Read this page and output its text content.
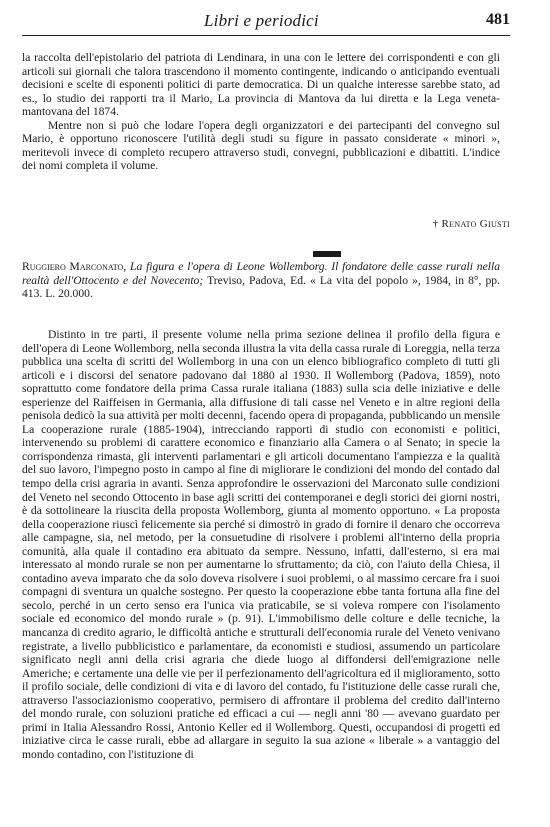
Libri e periodici	481

la raccolta dell'epistolario del patriota di Lendinara, in una con le lettere dei corrispondenti e con gli articoli sui giornali che talora trascendono il momento contingente, indicando o anticipando eventuali decisioni e scelte di esponenti politici di parte democratica. Di un qualche interesse sarebbe stato, ad es., lo studio dei rapporti tra il Mario, La provincia di Mantova da lui diretta e la Lega veneta-mantovana del 1874.

Mentre non si può che lodare l'opera degli organizzatori e dei partecipanti del convegno sul Mario, è opportuno riconoscere l'utilità degli studi su figure in passato considerate « minori », meritevoli invece di completo recupero attraverso studi, convegni, pubblicazioni e dibattiti. L'indice dei nomi completa il volume.

† Renato Giusti
Ruggiero Marconato, La figura e l'opera di Leone Wollemborg. Il fondatore delle casse rurali nella realtà dell'Ottocento e del Novecento; Treviso, Padova, Ed. « La vita del popolo », 1984, in 8°, pp. 413. L. 20.000.

Distinto in tre parti, il presente volume nella prima sezione delinea il profilo della figura e dell'opera di Leone Wollemborg, nella seconda illustra la vita della cassa rurale di Loreggia, nella terza pubblica una scelta di scritti del Wollemborg in una con un elenco bibliografico completo di tutti gli articoli e i discorsi del senatore padovano dal 1880 al 1930. Il Wollemborg (Padova, 1859), noto soprattutto come fondatore della prima Cassa rurale italiana (1883) sulla scia delle iniziative e delle esperienze del Raiffeisen in Germania, alla diffusione di tali casse nel Veneto e in altre regioni della penisola dedicò la sua attività per molti decenni, facendo opera di propaganda, pubblicando un mensile La cooperazione rurale (1885-1904), intrecciando rapporti di studio con economisti e politici, intervenendo su problemi di carattere economico e finanziario alla Camera o al Senato; in specie la corrispondenza rimasta, gli interventi parlamentari e gli articoli documentano l'ampiezza e la qualità del suo lavoro, l'impegno posto in campo al fine di migliorare le condizioni del mondo del contado dal tempo della crisi agraria in avanti. Senza approfondire le osservazioni del Marconato sulle condizioni del Veneto nel secondo Ottocento in base agli scritti dei contemporanei e degli storici dei giorni nostri, è da sottolineare la riuscita della proposta Wollemborg, giunta al momento opportuno. « La proposta della cooperazione riuscì felicemente sia perché si dimostrò in grado di fornire il denaro che occorreva alle campagne, sia, nel metodo, per la consuetudine di risolvere i problemi all'interno della propria comunità, alla quale il contadino era abituato da sempre. Nessuno, infatti, dall'esterno, si era mai interessato al mondo rurale se non per aumentarne lo sfruttamento; da ciò, con l'aiuto della Chiesa, il contadino aveva imparato che da solo doveva risolvere i suoi problemi, o al massimo cercare fra i suoi compagni di sventura un qualche sostegno. Per questo la cooperazione ebbe tanta fortuna alla fine del secolo, perché in un certo senso era l'unica via praticabile, se si voleva rompere con l'isolamento sociale ed economico del mondo rurale » (p. 91). L'immobilismo delle colture e delle tecniche, la mancanza di credito agrario, le difficoltà antiche e strutturali dell'economia rurale del Veneto venivano registrate, a livello pubblicistico e parlamentare, da economisti e studiosi, assumendo un particolare significato negli anni della crisi agraria che diede luogo al diffondersi dell'emigrazione nelle Americhe; e certamente una delle vie per il perfezionamento dell'agricoltura ed il miglioramento, sotto il profilo sociale, delle condizioni di vita e di lavoro del contado, fu l'istituzione delle casse rurali che, attraverso l'associazionismo cooperativo, permisero di affrontare il problema del credito dall'interno del mondo rurale, con soluzioni pratiche ed efficaci a cui — negli anni '80 — avevano guardato per primi in Italia Alessandro Rossi, Antonio Keller ed il Wollemborg. Questi, occupandosi di progetti ed iniziative circa le casse rurali, ebbe ad allargare in seguito la sua azione « liberale » a vantaggio del mondo contadino, con l'istituzione di
